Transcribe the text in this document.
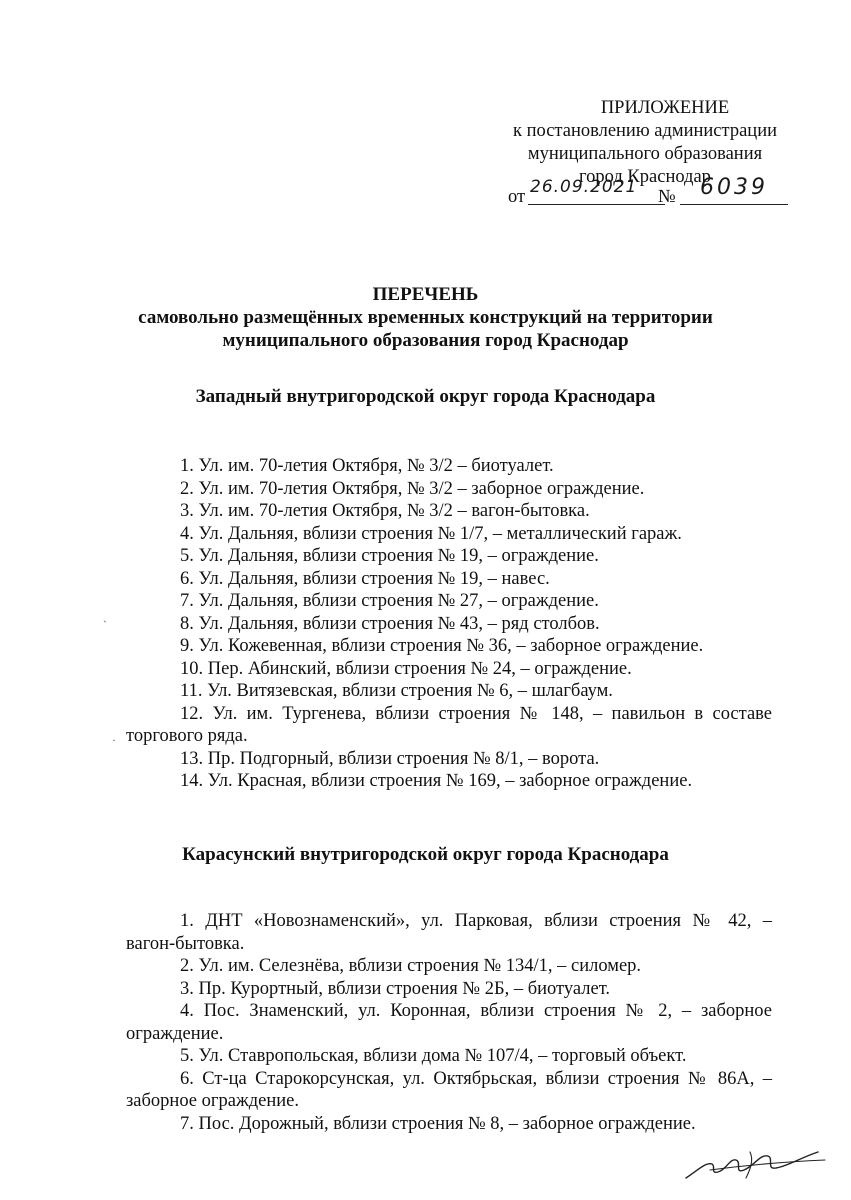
ПРИЛОЖЕНИЕ
к постановлению администрации
муниципального образования
город Краснодар
от 26.09.2021	№	6039
ПЕРЕЧЕНЬ
самовольно размещённых временных конструкций на территории
муниципального образования город Краснодар
Западный внутригородской округ города Краснодара
1. Ул. им. 70-летия Октября, № 3/2 – биотуалет.
2. Ул. им. 70-летия Октября, № 3/2 – заборное ограждение.
3. Ул. им. 70-летия Октября, № 3/2 – вагон-бытовка.
4. Ул. Дальняя, вблизи строения № 1/7, – металлический гараж.
5. Ул. Дальняя, вблизи строения № 19, – ограждение.
6. Ул. Дальняя, вблизи строения № 19, – навес.
7. Ул. Дальняя, вблизи строения № 27, – ограждение.
8. Ул. Дальняя, вблизи строения № 43, – ряд столбов.
9. Ул. Кожевенная, вблизи строения № 36, – заборное ограждение.
10. Пер. Абинский, вблизи строения № 24, – ограждение.
11. Ул. Витязевская, вблизи строения № 6, – шлагбаум.
12. Ул. им. Тургенева, вблизи строения № 148, – павильон в составе
торгового ряда.
13. Пр. Подгорный, вблизи строения № 8/1, – ворота.
14. Ул. Красная, вблизи строения № 169, – заборное ограждение.
Карасунский внутригородской округ города Краснодара
1. ДНТ «Новознаменский», ул. Парковая, вблизи строения № 42, –
вагон-бытовка.
2. Ул. им. Селезнёва, вблизи строения № 134/1, – силомер.
3. Пр. Курортный, вблизи строения № 2Б, – биотуалет.
4. Пос. Знаменский, ул. Коронная, вблизи строения № 2, – заборное
ограждение.
5. Ул. Ставропольская, вблизи дома № 107/4, – торговый объект.
6. Ст-ца Старокорсунская, ул. Октябрьская, вблизи строения № 86А, –
заборное ограждение.
7. Пос. Дорожный, вблизи строения № 8, – заборное ограждение.
ˋ
·
